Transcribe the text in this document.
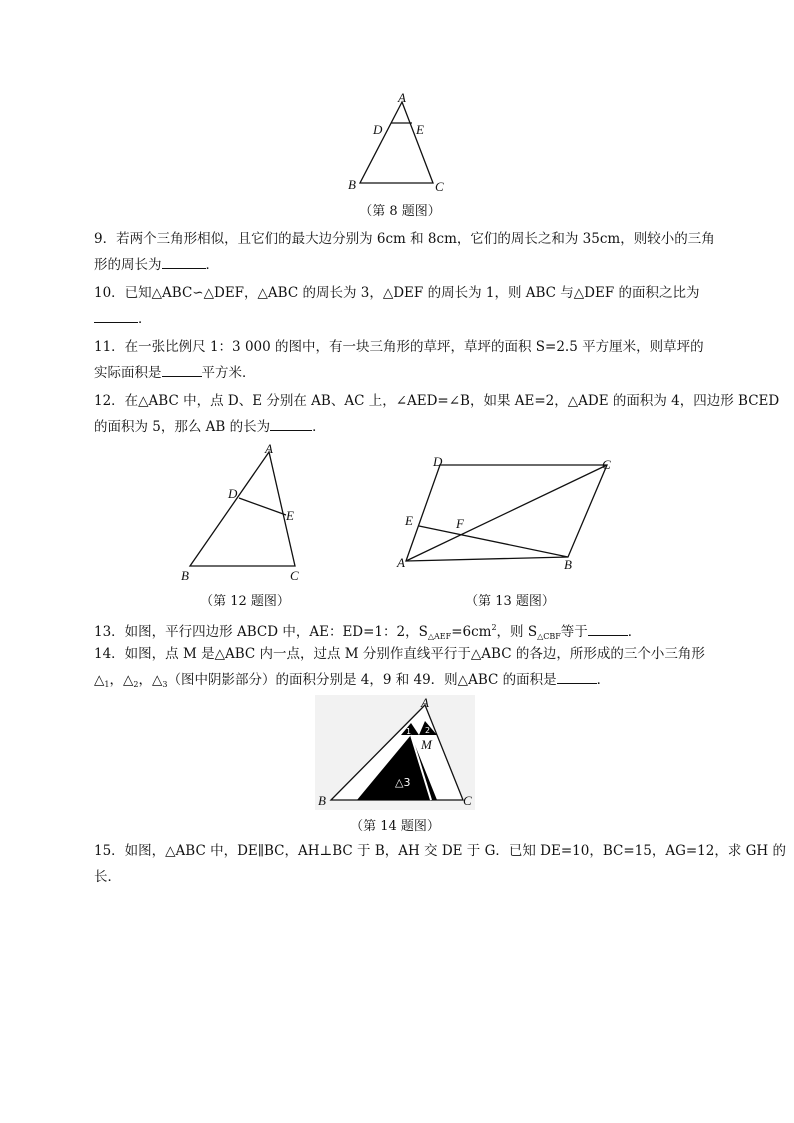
A
D	E
B	C
（第 8 题图）
9．若两个三角形相似，且它们的最大边分别为 6cm 和 8cm，它们的周长之和为 35cm，则较小的三角
形的周长为	．
10．已知△ABC∽△DEF，△ABC 的周长为 3，△DEF 的周长为 1，则 ABC 与△DEF 的面积之比为
．
11．在一张比例尺 1：3 000 的图中，有一块三角形的草坪，草坪的面积 S=2.5 平方厘米，则草坪的
实际面积是	平方米．
12．在△ABC 中，点 D、E 分别在 AB、AC 上，∠AED=∠B，如果 AE=2，△ADE 的面积为 4，四边形 BCED
的面积为 5，那么 AB 的长为	．
A
D
E
B	C
（第 12 题图）
D	C
E	F
A	B
（第 13 题图）
13．如图，平行四边形 ABCD 中，AE：ED=1：2，$S_{\triangle AEF}=6cm^2$，则 $S_{\triangle CBF}$等于	．
14．如图，点 M 是△ABC 内一点，过点 M 分别作直线平行于△ABC 的各边，所形成的三个小三角形
$\triangle_1$，$\triangle_2$，$\triangle_3$（图中阴影部分）的面积分别是 4，9 和 49．则△ABC 的面积是	．
A
M
B	C
1 2
△3
（第 14 题图）
15．如图，△ABC 中，DE∥BC，AH⊥BC 于 B，AH 交 DE 于 G．已知 DE=10，BC=15，AG=12，求 GH 的
长．
